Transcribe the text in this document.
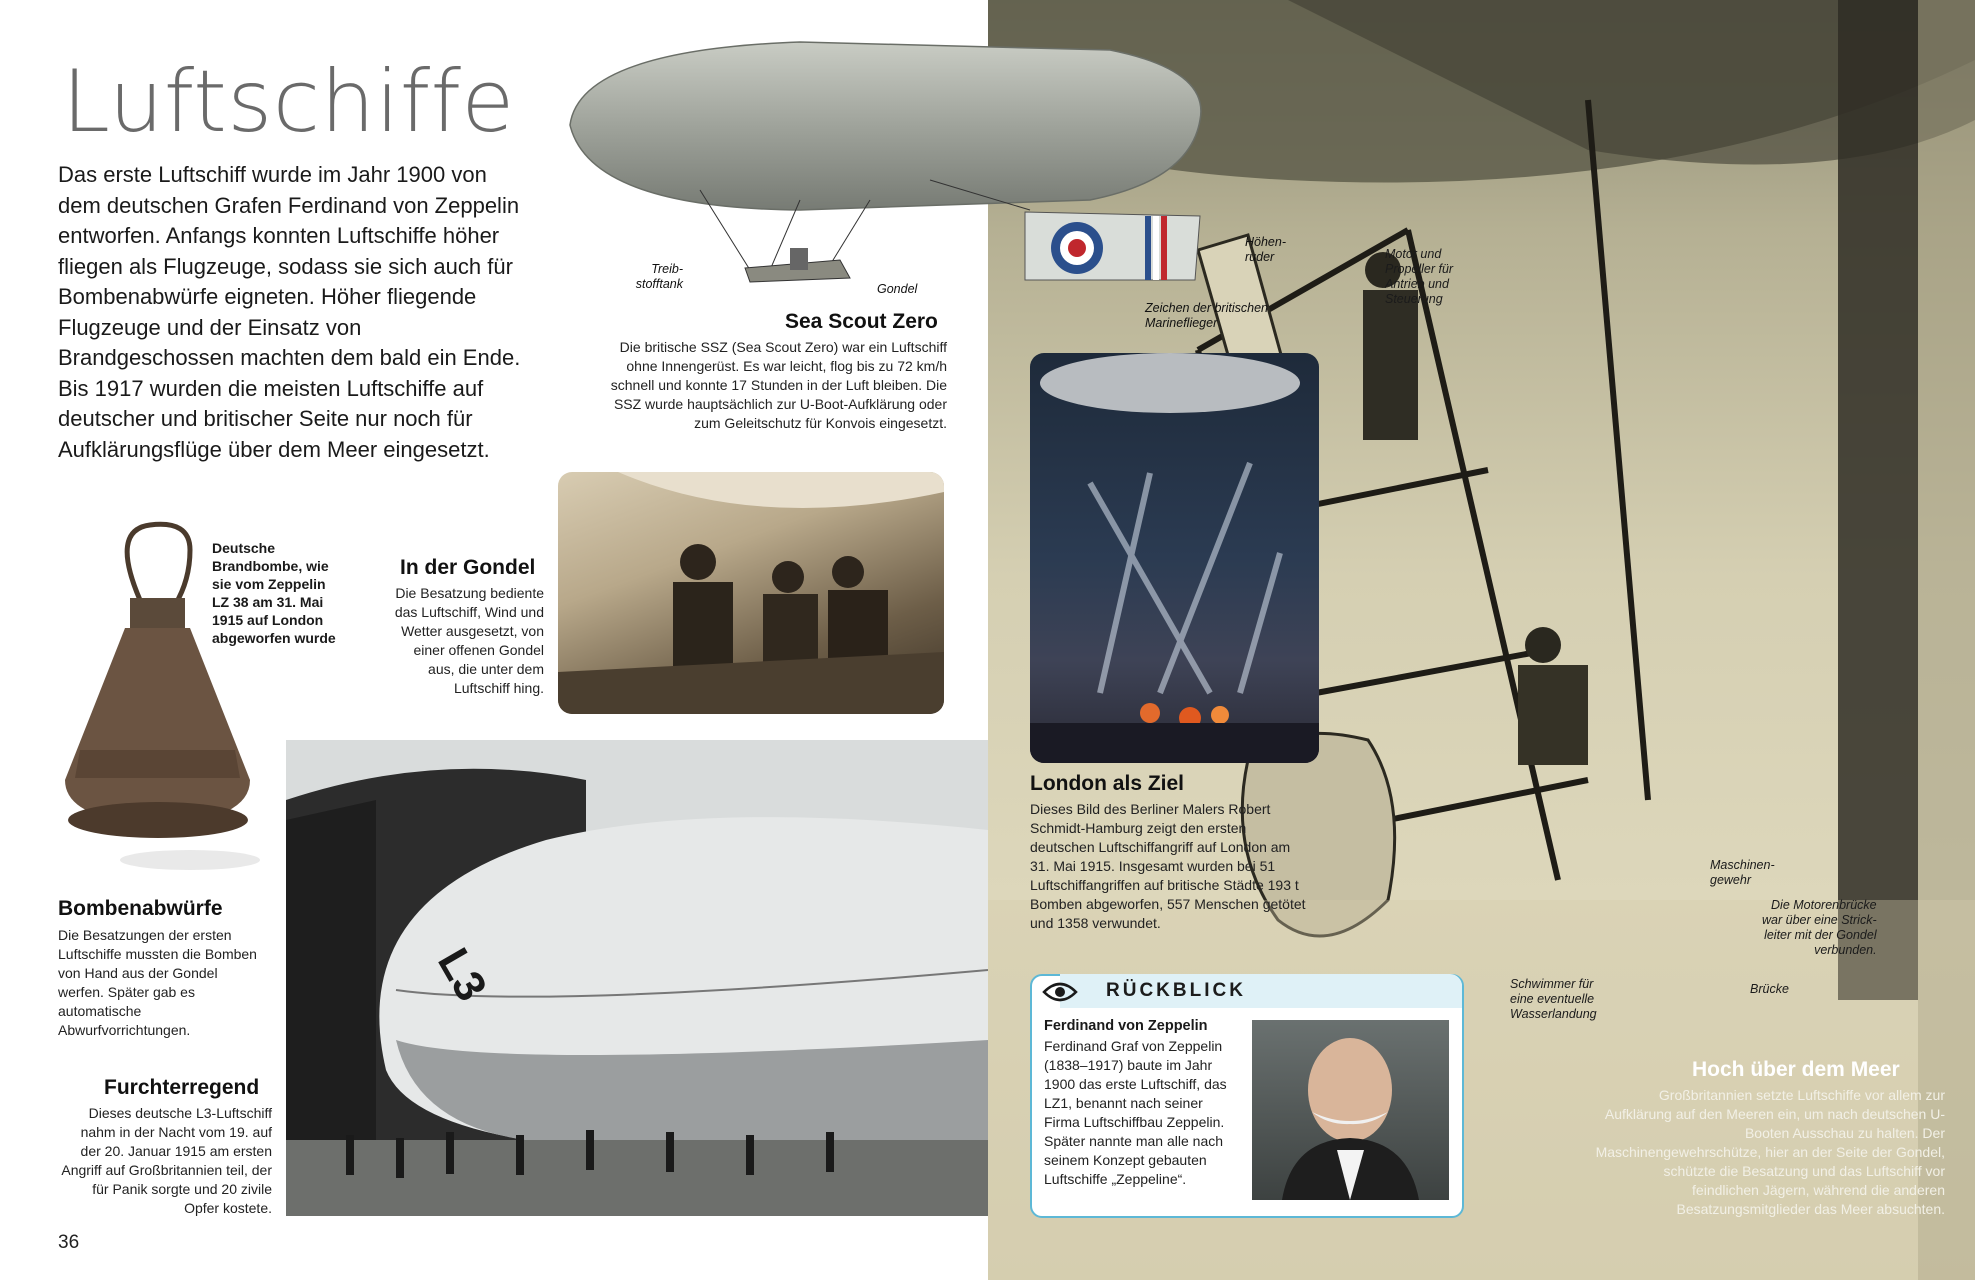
Luftschiffe
Das erste Luftschiff wurde im Jahr 1900 von dem deutschen Grafen Ferdinand von Zeppelin entworfen. Anfangs konnten Luftschiffe höher fliegen als Flugzeuge, sodass sie sich auch für Bombenabwürfe eigneten. Höher fliegende Flugzeuge und der Einsatz von Brandgeschossen machten dem bald ein Ende. Bis 1917 wurden die meisten Luftschiffe auf deutscher und britischer Seite nur noch für Aufklärungsflüge über dem Meer eingesetzt.
Treib-
stofftank	Gondel
Höhen-
ruder
Zeichen der britischen
Marineflieger
Sea Scout Zero
Die britische SSZ (Sea Scout Zero) war ein Luftschiff ohne Innengerüst. Es war leicht, flog bis zu 72 km/h schnell und konnte 17 Stunden in der Luft bleiben. Die SSZ wurde hauptsächlich zur U-Boot-Aufklärung oder zum Geleitschutz für Konvois eingesetzt.
In der Gondel
Die Besatzung bediente das Luftschiff, Wind und Wetter ausgesetzt, von einer offenen Gondel aus, die unter dem Luftschiff hing.
Deutsche Brandbombe, wie sie vom Zeppelin LZ 38 am 31. Mai 1915 auf London abgeworfen wurde
Bombenabwürfe
Die Besatzungen der ersten Luftschiffe mussten die Bomben von Hand aus der Gondel werfen. Später gab es automatische Abwurfvorrichtungen.
L3
Furchterregend
Dieses deutsche L3-Luftschiff nahm in der Nacht vom 19. auf der 20. Januar 1915 am ersten Angriff auf Großbritannien teil, der für Panik sorgte und 20 zivile Opfer kostete.
36
London als Ziel
Dieses Bild des Berliner Malers Robert Schmidt-Hamburg zeigt den ersten deutschen Luftschiffangriff auf London am 31. Mai 1915. Insgesamt wurden bei 51 Luftschiffangriffen auf britische Städte 193 t Bomben abgeworfen, 557 Menschen getötet und 1358 verwundet.
RÜCKBLICK
Ferdinand von Zeppelin
Ferdinand Graf von Zeppelin (1838–1917) baute im Jahr 1900 das erste Luftschiff, das LZ1, benannt nach seiner Firma Luftschiffbau Zeppelin. Später nannte man alle nach seinem Konzept gebauten Luftschiffe „Zeppeline“.
Motor und
Propeller für
Antrieb und
Steuerung
Maschinen-
gewehr
Die Motorenbrücke
war über eine Strick-
leiter mit der Gondel
verbunden.
Schwimmer für
eine eventuelle
Wasserlandung
Brücke
Hoch über dem Meer
Großbritannien setzte Luftschiffe vor allem zur Aufklärung auf den Meeren ein, um nach deutschen U-Booten Ausschau zu halten. Der Maschinengewehrschütze, hier an der Seite der Gondel, schützte die Besatzung und das Luftschiff vor feindlichen Jägern, während die anderen Besatzungsmitglieder das Meer absuchten.
